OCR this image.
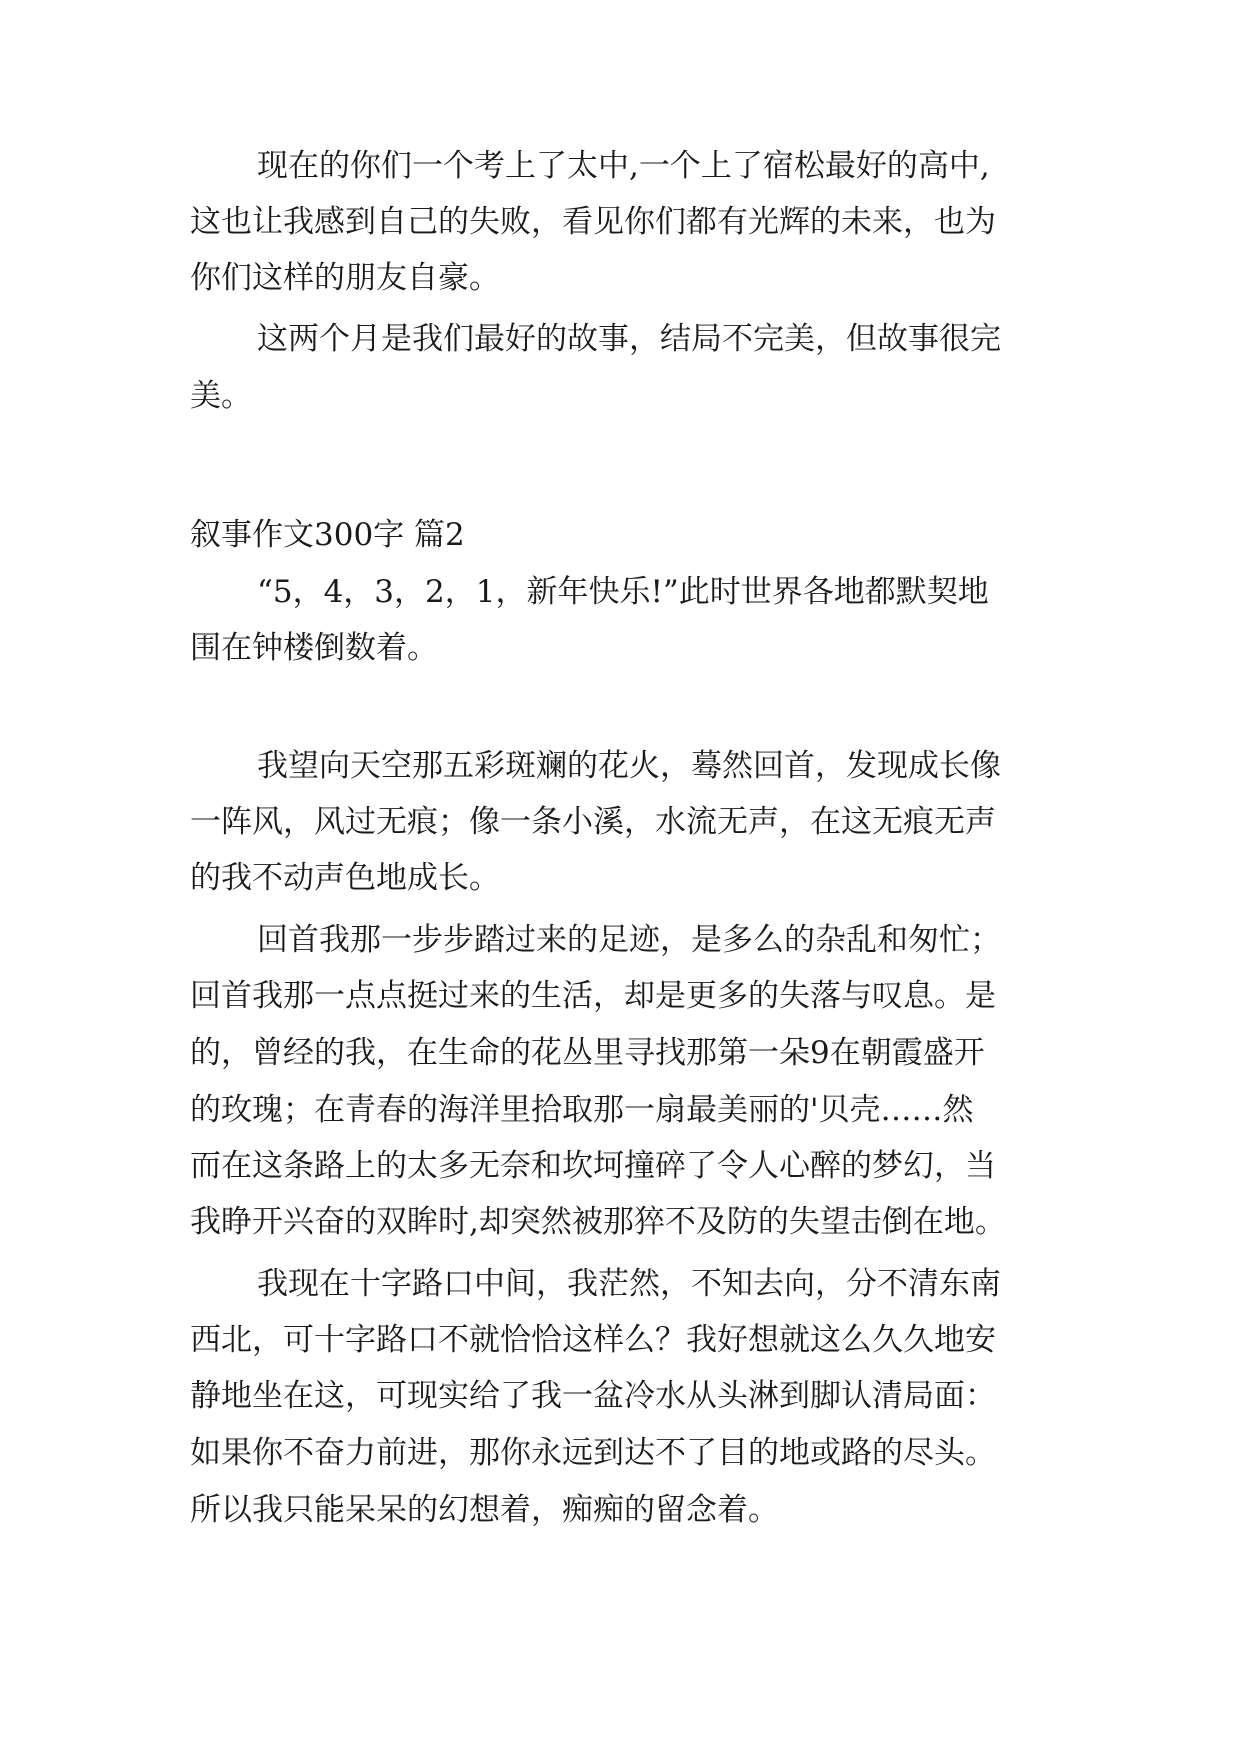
现在的你们一个考上了太中,一个上了宿松最好的高中,
这也让我感到自己的失败，看见你们都有光辉的未来，也为
你们这样的朋友自豪。
这两个月是我们最好的故事，结局不完美，但故事很完
美。
叙事作文300字 篇2
“5，4，3，2，1，新年快乐!”此时世界各地都默契地
围在钟楼倒数着。
我望向天空那五彩斑斓的花火，蓦然回首，发现成长像
一阵风，风过无痕；像一条小溪，水流无声，在这无痕无声
的我不动声色地成长。
回首我那一步步踏过来的足迹，是多么的杂乱和匆忙；
回首我那一点点挺过来的生活，却是更多的失落与叹息。是
的，曾经的我，在生命的花丛里寻找那第一朵9在朝霞盛开
的玫瑰；在青春的海洋里拾取那一扇最美丽的'贝壳……然
而在这条路上的太多无奈和坎坷撞碎了令人心醉的梦幻，当
我睁开兴奋的双眸时,却突然被那猝不及防的失望击倒在地。
我现在十字路口中间，我茫然，不知去向，分不清东南
西北，可十字路口不就恰恰这样么？我好想就这么久久地安
静地坐在这，可现实给了我一盆冷水从头淋到脚认清局面：
如果你不奋力前进，那你永远到达不了目的地或路的尽头。
所以我只能呆呆的幻想着，痴痴的留念着。
